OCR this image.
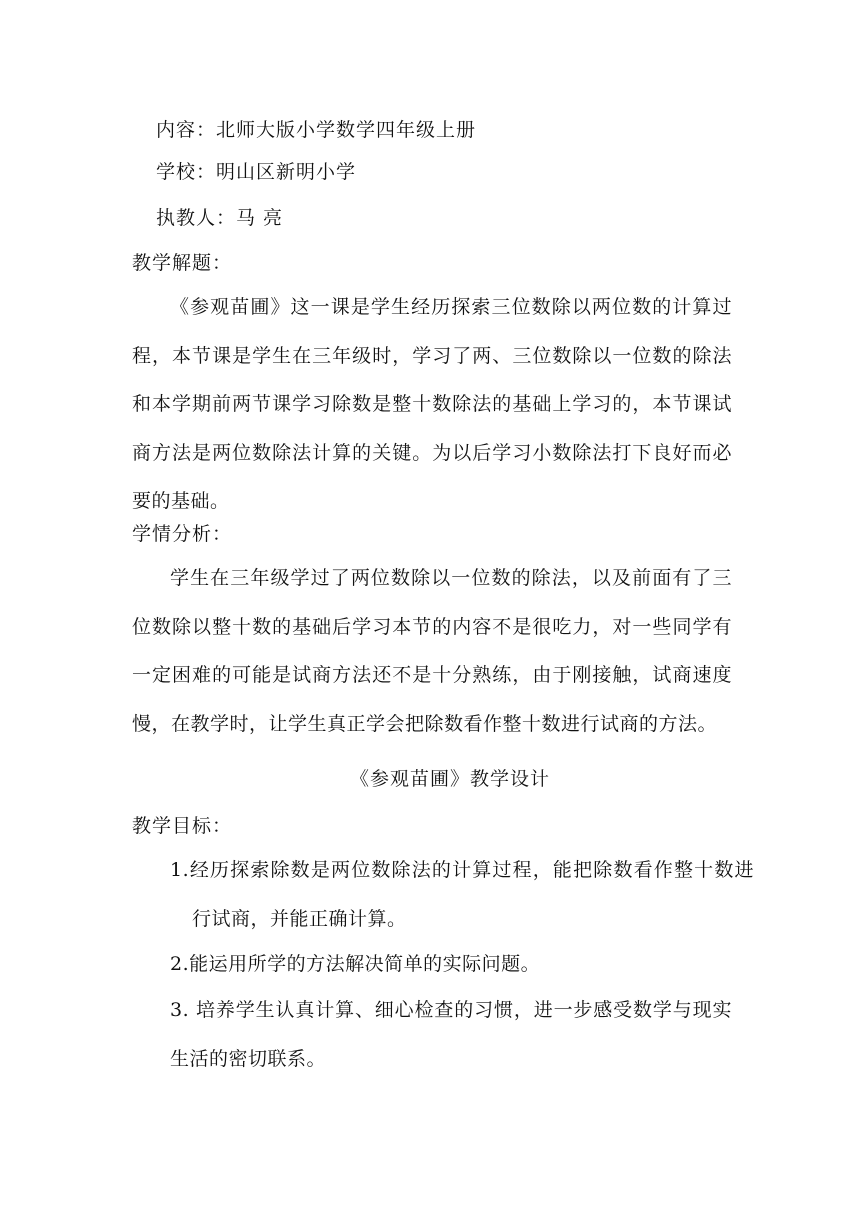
内容：北师大版小学数学四年级上册
学校：明山区新明小学
执教人：马 亮
教学解题：
《参观苗圃》这一课是学生经历探索三位数除以两位数的计算过程，本节课是学生在三年级时，学习了两、三位数除以一位数的除法和本学期前两节课学习除数是整十数除法的基础上学习的，本节课试商方法是两位数除法计算的关键。为以后学习小数除法打下良好而必要的基础。
学情分析：
学生在三年级学过了两位数除以一位数的除法，以及前面有了三位数除以整十数的基础后学习本节的内容不是很吃力，对一些同学有一定困难的可能是试商方法还不是十分熟练，由于刚接触，试商速度慢，在教学时，让学生真正学会把除数看作整十数进行试商的方法。
《参观苗圃》教学设计
教学目标：
1.经历探索除数是两位数除法的计算过程，能把除数看作整十数进行试商，并能正确计算。
2.能运用所学的方法解决简单的实际问题。
3. 培养学生认真计算、细心检查的习惯，进一步感受数学与现实生活的密切联系。
